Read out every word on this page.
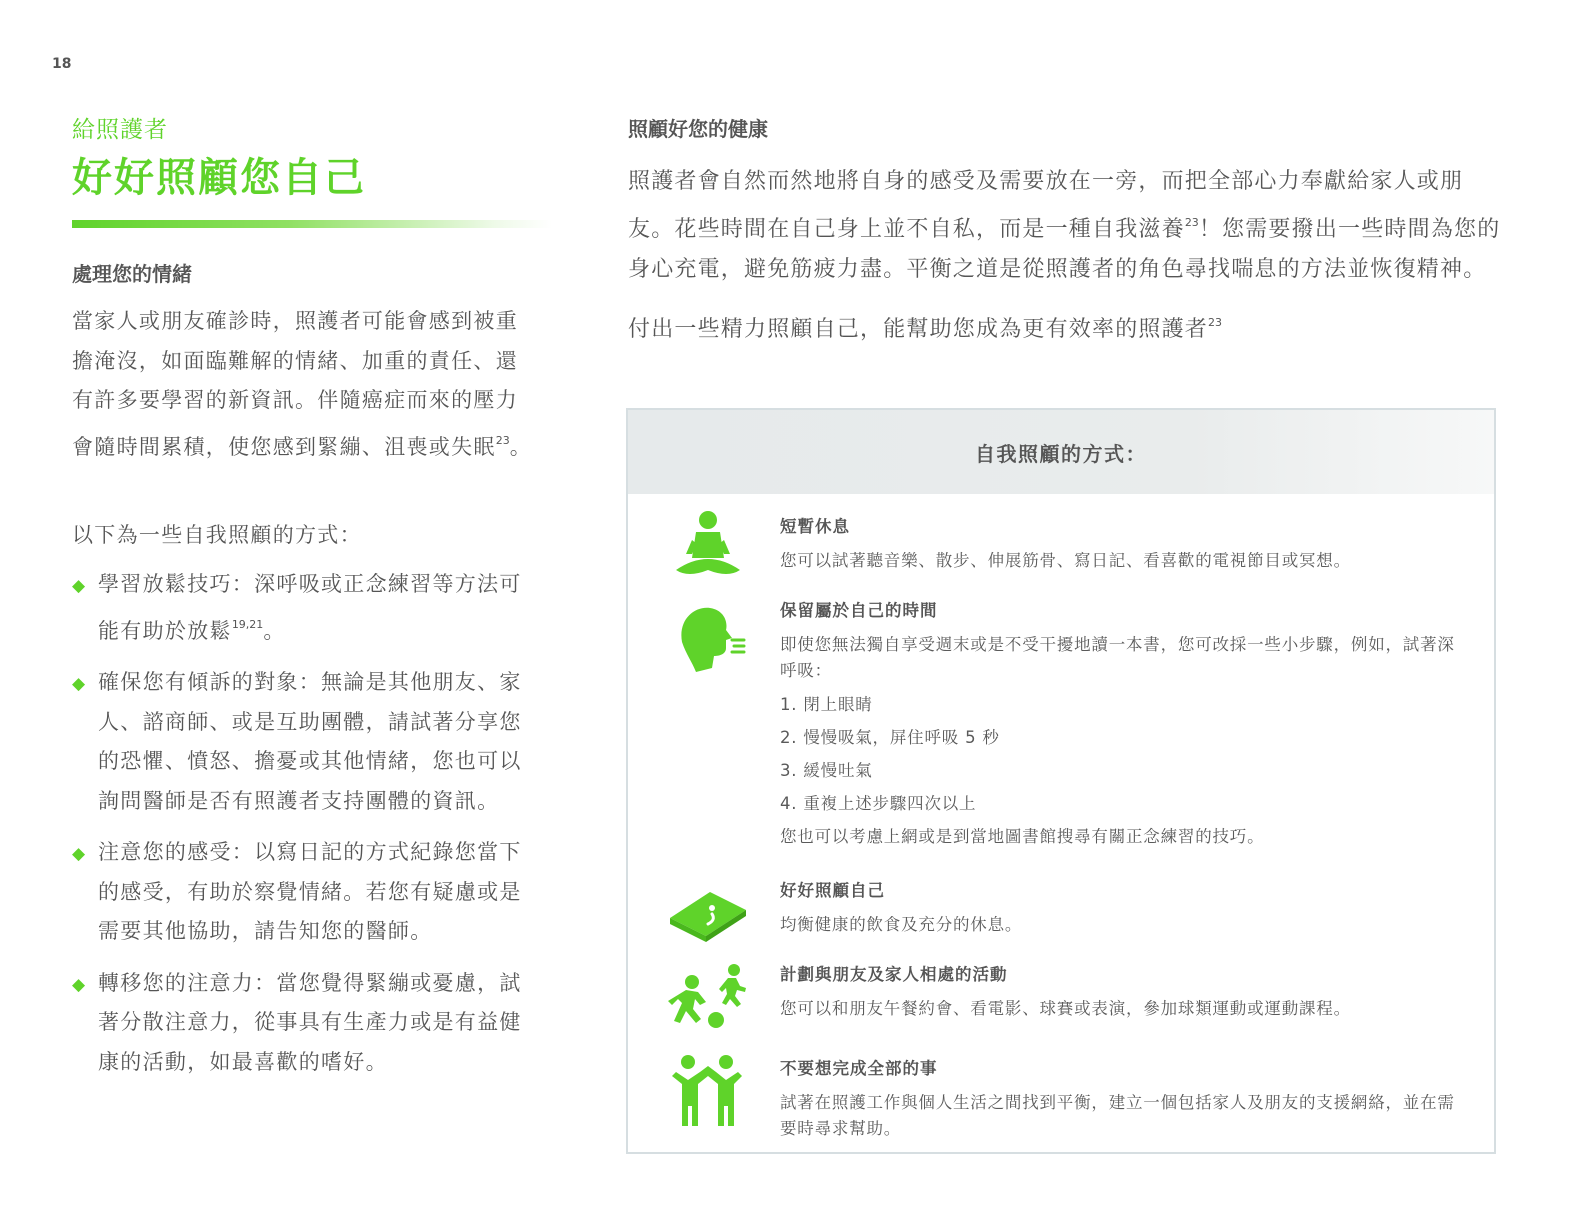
18
給照護者
好好照顧您自己
處理您的情緒
當家人或朋友確診時，照護者可能會感到被重擔淹沒，如面臨難解的情緒、加重的責任、還有許多要學習的新資訊。伴隨癌症而來的壓力會隨時間累積，使您感到緊繃、沮喪或失眠$^{23}$。
以下為一些自我照顧的方式：
◆ 學習放鬆技巧：深呼吸或正念練習等方法可能有助於放鬆$^{19,21}$。
◆ 確保您有傾訴的對象：無論是其他朋友、家人、諮商師、或是互助團體，請試著分享您的恐懼、憤怒、擔憂或其他情緒，您也可以詢問醫師是否有照護者支持團體的資訊。
◆ 注意您的感受：以寫日記的方式紀錄您當下的感受，有助於察覺情緒。若您有疑慮或是需要其他協助，請告知您的醫師。
◆ 轉移您的注意力：當您覺得緊繃或憂慮，試著分散注意力，從事具有生產力或是有益健康的活動，如最喜歡的嗜好。
照顧好您的健康
照護者會自然而然地將自身的感受及需要放在一旁，而把全部心力奉獻給家人或朋友。花些時間在自己身上並不自私，而是一種自我滋養$^{23}$！您需要撥出一些時間為您的身心充電，避免筋疲力盡。平衡之道是從照護者的角色尋找喘息的方法並恢復精神。
付出一些精力照顧自己，能幫助您成為更有效率的照護者$^{23}$
自我照顧的方式：
短暫休息
您可以試著聽音樂、散步、伸展筋骨、寫日記、看喜歡的電視節目或冥想。
保留屬於自己的時間
即使您無法獨自享受週末或是不受干擾地讀一本書，您可改採一些小步驟，例如，試著深呼吸：
1. 閉上眼睛
2. 慢慢吸氣，屏住呼吸 5 秒
3. 緩慢吐氣
4. 重複上述步驟四次以上
您也可以考慮上網或是到當地圖書館搜尋有關正念練習的技巧。
好好照顧自己
均衡健康的飲食及充分的休息。
計劃與朋友及家人相處的活動
您可以和朋友午餐約會、看電影、球賽或表演，參加球類運動或運動課程。
不要想完成全部的事
試著在照護工作與個人生活之間找到平衡，建立一個包括家人及朋友的支援網絡，並在需要時尋求幫助。
